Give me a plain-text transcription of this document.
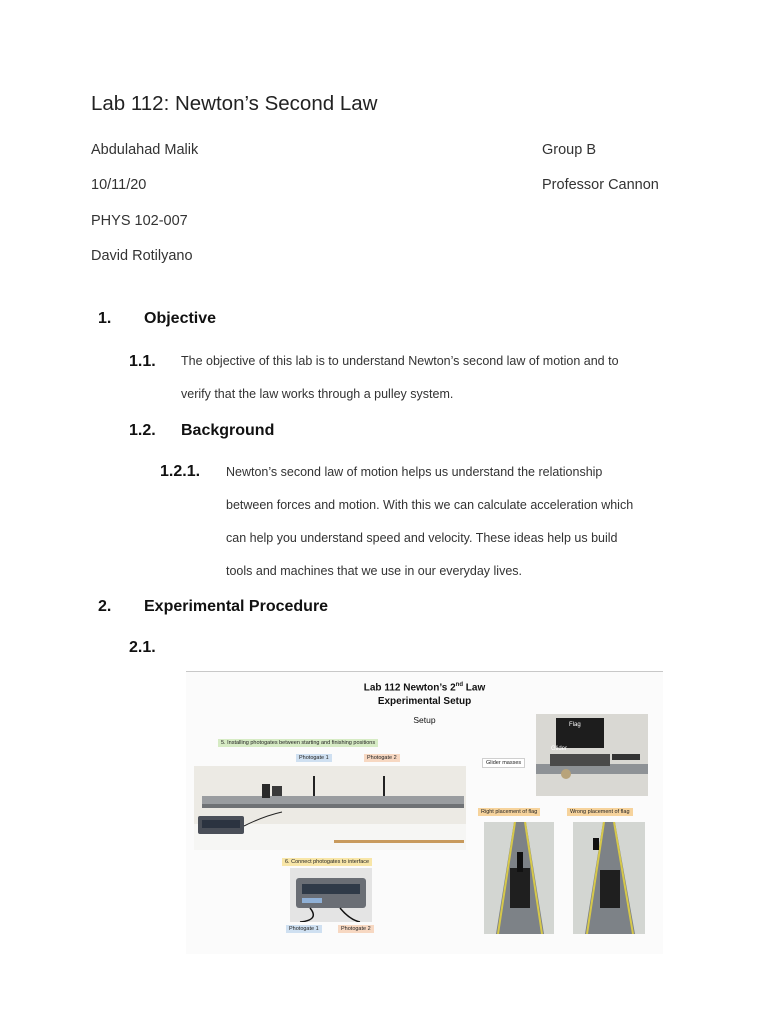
Lab 112: Newton’s Second Law
Abdulahad Malik
10/11/20
PHYS 102-007
David Rotilyano
Group B
Professor Cannon
1. Objective
1.1. The objective of this lab is to understand Newton’s second law of motion and to
verify that the law works through a pulley system.
1.2. Background
1.2.1. Newton’s second law of motion helps us understand the relationship
between forces and motion. With this we can calculate acceleration which
can help you understand speed and velocity. These ideas help us build
tools and machines that we use in our everyday lives.
2. Experimental Procedure
2.1.
Lab 112 Newton’s 2nd Law
Experimental Setup
Setup
5. Installing photogates between starting and finishing positions
Photogate 1	Photogate 2
6. Connect photogates to interface
Photogate 1	Photogate 2
Flag
Glider
Glider masses
Right placement of flag	Wrong placement of flag
